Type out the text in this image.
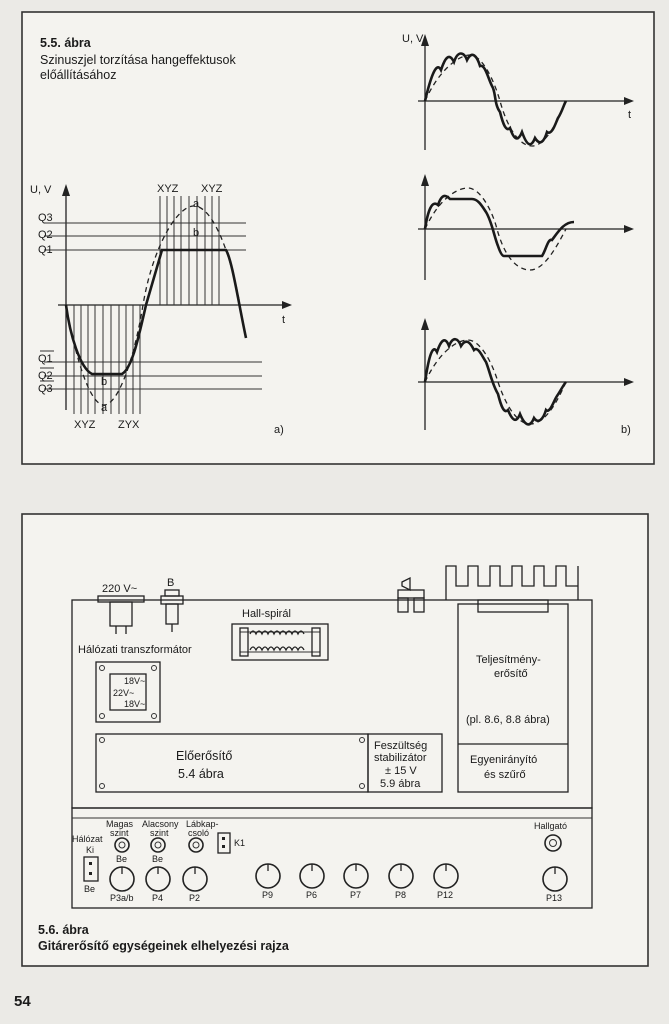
5.5. ábra
Szinuszjel torzítása hangeffektusok
előállításához
U, V
t
Q3
Q2
Q1
Q1
Q2
Q3
XYZ XYZ
XYZ ZYX
a
b
b
a
a)
U, V
t
b)
220 V~	B
Hall-spirál
Teljesítmény-
erősítő
(pl. 8.6, 8.8 ábra)
Egyenirányító
és szűrő
Hálózati transzformátor
18V~
22V~
18V~
Előerősítő
5.4 ábra
Feszültség
stabilizátor
± 15 V
5.9 ábra
Hálózat
Ki
Be
Magas
szint
Be
Alacsony
szint
Be
Lábkap-
csoló
K1
Hallgató
P3a/b P4	P2	P9	P6	P7	P8	P12	P13
5.6. ábra
Gitárerősítő egységeinek elhelyezési rajza
54
